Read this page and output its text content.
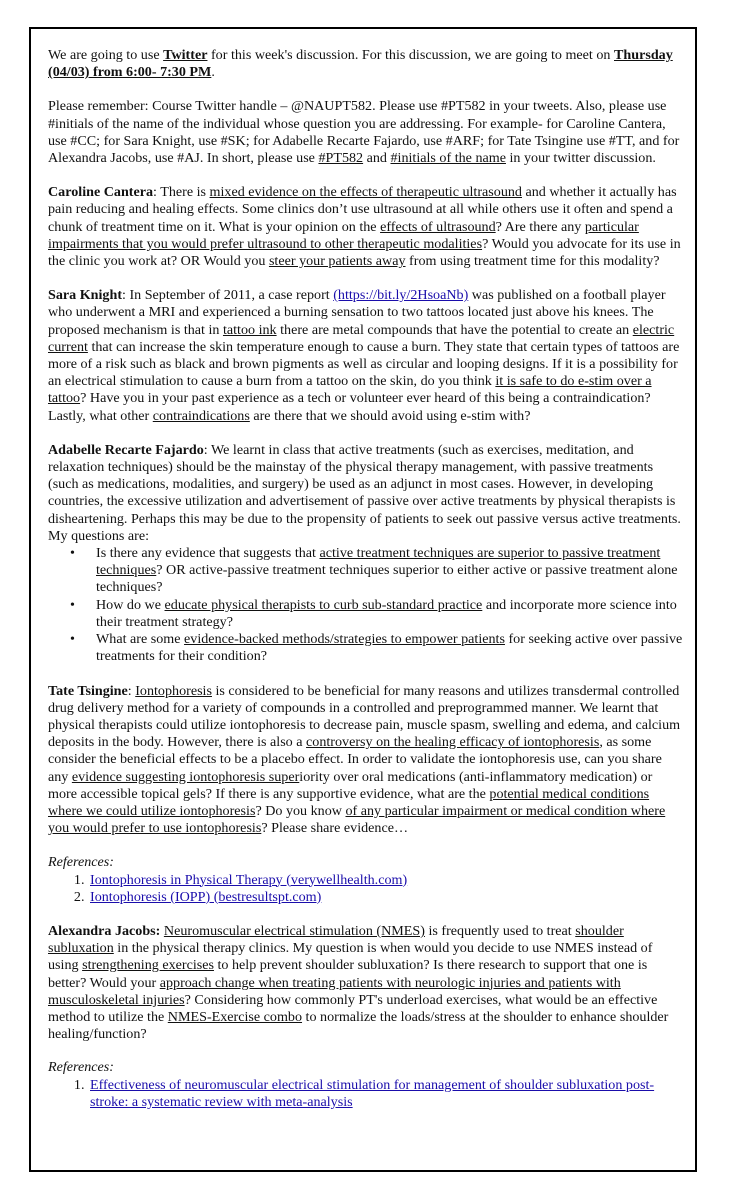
We are going to use Twitter for this week's discussion. For this discussion, we are going to meet on Thursday (04/03) from 6:00- 7:30 PM.

Please remember: Course Twitter handle – @NAUPT582. Please use #PT582 in your tweets. Also, please use #initials of the name of the individual whose question you are addressing. For example- for Caroline Cantera, use #CC; for Sara Knight, use #SK; for Adabelle Recarte Fajardo, use #ARF; for Tate Tsingine use #TT, and for Alexandra Jacobs, use #AJ. In short, please use #PT582 and #initials of the name in your twitter discussion.

Caroline Cantera: There is mixed evidence on the effects of therapeutic ultrasound and whether it actually has pain reducing and healing effects. Some clinics don’t use ultrasound at all while others use it often and spend a chunk of treatment time on it. What is your opinion on the effects of ultrasound? Are there any particular impairments that you would prefer ultrasound to other therapeutic modalities? Would you advocate for its use in the clinic you work at? OR Would you steer your patients away from using treatment time for this modality?

Sara Knight: In September of 2011, a case report (https://bit.ly/2HsoaNb) was published on a football player who underwent a MRI and experienced a burning sensation to two tattoos located just above his knees. The proposed mechanism is that in tattoo ink there are metal compounds that have the potential to create an electric current that can increase the skin temperature enough to cause a burn. They state that certain types of tattoos are more of a risk such as black and brown pigments as well as circular and looping designs. If it is a possibility for an electrical stimulation to cause a burn from a tattoo on the skin, do you think it is safe to do e-stim over a tattoo? Have you in your past experience as a tech or volunteer ever heard of this being a contraindication? Lastly, what other contraindications are there that we should avoid using e-stim with?

Adabelle Recarte Fajardo: We learnt in class that active treatments (such as exercises, meditation, and relaxation techniques) should be the mainstay of the physical therapy management, with passive treatments (such as medications, modalities, and surgery) be used as an adjunct in most cases. However, in developing countries, the excessive utilization and advertisement of passive over active treatments by physical therapists is disheartening. Perhaps this may be due to the propensity of patients to seek out passive versus active treatments. My questions are:

• Is there any evidence that suggests that active treatment techniques are superior to passive treatment techniques? OR active-passive treatment techniques superior to either active or passive treatment alone techniques?
• How do we educate physical therapists to curb sub-standard practice and incorporate more science into their treatment strategy?
• What are some evidence-backed methods/strategies to empower patients for seeking active over passive treatments for their condition?

Tate Tsingine: Iontophoresis is considered to be beneficial for many reasons and utilizes transdermal controlled drug delivery method for a variety of compounds in a controlled and preprogrammed manner. We learnt that physical therapists could utilize iontophoresis to decrease pain, muscle spasm, swelling and edema, and calcium deposits in the body. However, there is also a controversy on the healing efficacy of iontophoresis, as some consider the beneficial effects to be a placebo effect. In order to validate the iontophoresis use, can you share any evidence suggesting iontophoresis superiority over oral medications (anti-inflammatory medication) or more accessible topical gels? If there is any supportive evidence, what are the potential medical conditions where we could utilize iontophoresis? Do you know of any particular impairment or medical condition where you would prefer to use iontophoresis? Please share evidence…

References:

1. Iontophoresis in Physical Therapy (verywellhealth.com)
2. Iontophoresis (IOPP) (bestresultspt.com)

Alexandra Jacobs: Neuromuscular electrical stimulation (NMES) is frequently used to treat shoulder subluxation in the physical therapy clinics. My question is when would you decide to use NMES instead of using strengthening exercises to help prevent shoulder subluxation? Is there research to support that one is better? Would your approach change when treating patients with neurologic injuries and patients with musculoskeletal injuries? Considering how commonly PT's underload exercises, what would be an effective method to utilize the NMES-Exercise combo to normalize the loads/stress at the shoulder to enhance shoulder healing/function?

References:

1. Effectiveness of neuromuscular electrical stimulation for management of shoulder subluxation post-stroke: a systematic review with meta-analysis
